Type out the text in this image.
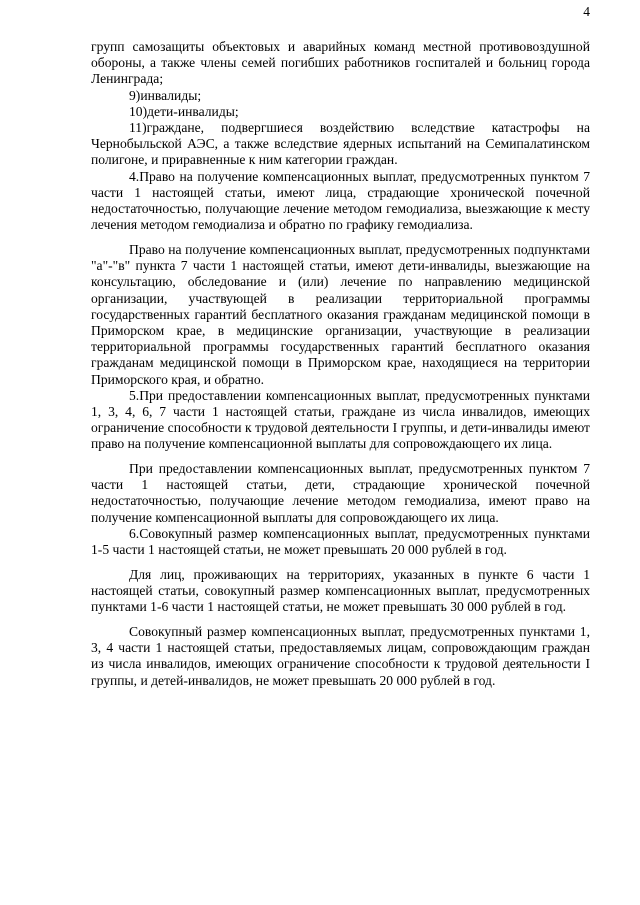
4

групп самозащиты объектовых и аварийных команд местной противовоздушной обороны, а также члены семей погибших работников госпиталей и больниц города Ленинграда;

9)инвалиды;

10)дети-инвалиды;

11)граждане, подвергшиеся воздействию вследствие катастрофы на Чернобыльской АЭС, а также вследствие ядерных испытаний на Семипалатинском полигоне, и приравненные к ним категории граждан.

4.Право на получение компенсационных выплат, предусмотренных пунктом 7 части 1 настоящей статьи, имеют лица, страдающие хронической почечной недостаточностью, получающие лечение методом гемодиализа, выезжающие к месту лечения методом гемодиализа и обратно по графику гемодиализа.

Право на получение компенсационных выплат, предусмотренных подпунктами "а"-"в" пункта 7 части 1 настоящей статьи, имеют дети-инвалиды, выезжающие на консультацию, обследование и (или) лечение по направлению медицинской организации, участвующей в реализации территориальной программы государственных гарантий бесплатного оказания гражданам медицинской помощи в Приморском крае, в медицинские организации, участвующие в реализации территориальной программы государственных гарантий бесплатного оказания гражданам медицинской помощи в Приморском крае, находящиеся на территории Приморского края, и обратно.

5.При предоставлении компенсационных выплат, предусмотренных пунктами 1, 3, 4, 6, 7 части 1 настоящей статьи, граждане из числа инвалидов, имеющих ограничение способности к трудовой деятельности I группы, и дети-инвалиды имеют право на получение компенсационной выплаты для сопровождающего их лица.

При предоставлении компенсационных выплат, предусмотренных пунктом 7 части 1 настоящей статьи, дети, страдающие хронической почечной недостаточностью, получающие лечение методом гемодиализа, имеют право на получение компенсационной выплаты для сопровождающего их лица.

6.Совокупный размер компенсационных выплат, предусмотренных пунктами 1-5 части 1 настоящей статьи, не может превышать 20 000 рублей в год.

Для лиц, проживающих на территориях, указанных в пункте 6 части 1 настоящей статьи, совокупный размер компенсационных выплат, предусмотренных пунктами 1-6 части 1 настоящей статьи, не может превышать 30 000 рублей в год.

Совокупный размер компенсационных выплат, предусмотренных пунктами 1, 3, 4 части 1 настоящей статьи, предоставляемых лицам, сопровождающим граждан из числа инвалидов, имеющих ограничение способности к трудовой деятельности I группы, и детей-инвалидов, не может превышать 20 000 рублей в год.
